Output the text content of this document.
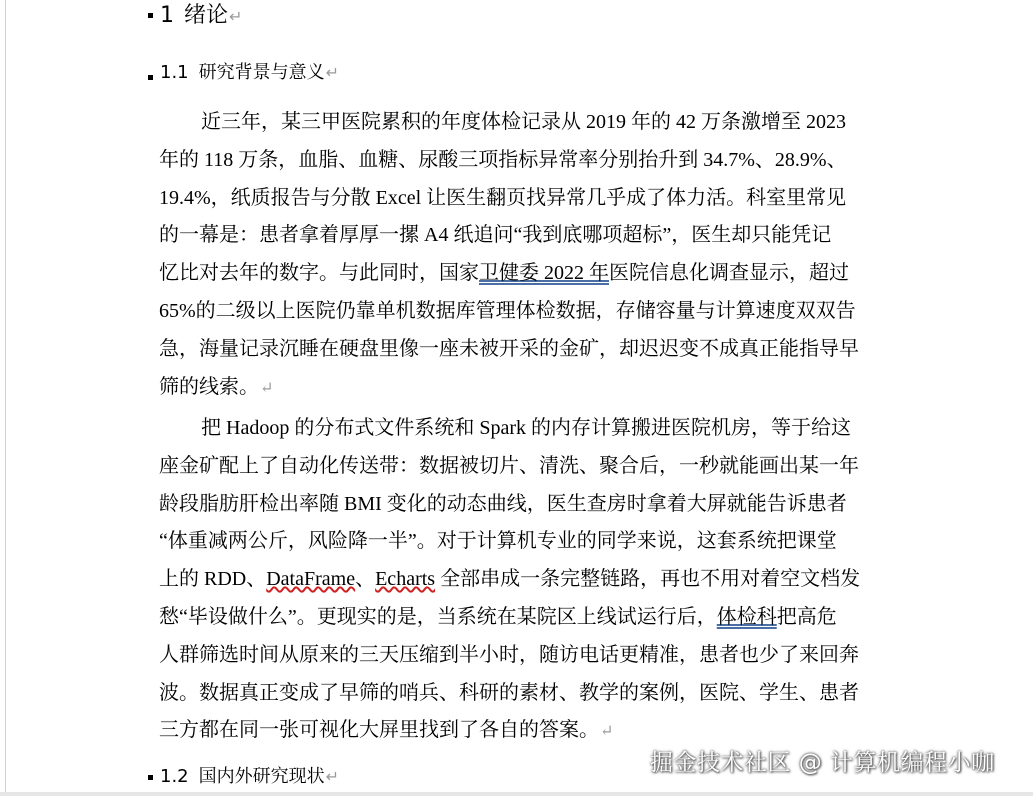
1 绪论↵
1.1 研究背景与意义↵
近三年，某三甲医院累积的年度体检记录从 2019 年的 42 万条激增至 2023
年的 118 万条，血脂、血糖、尿酸三项指标异常率分别抬升到 34.7%、28.9%、
19.4%，纸质报告与分散 Excel 让医生翻页找异常几乎成了体力活。科室里常见
的一幕是：患者拿着厚厚一摞 A4 纸追问“我到底哪项超标”，医生却只能凭记
忆比对去年的数字。与此同时，国家卫健委 2022 年医院信息化调查显示，超过
65%的二级以上医院仍靠单机数据库管理体检数据，存储容量与计算速度双双告
急，海量记录沉睡在硬盘里像一座未被开采的金矿，却迟迟变不成真正能指导早
筛的线索。↵
把 Hadoop 的分布式文件系统和 Spark 的内存计算搬进医院机房，等于给这
座金矿配上了自动化传送带：数据被切片、清洗、聚合后，一秒就能画出某一年
龄段脂肪肝检出率随 BMI 变化的动态曲线，医生查房时拿着大屏就能告诉患者
“体重减两公斤，风险降一半”。对于计算机专业的同学来说，这套系统把课堂
上的 RDD、DataFrame、Echarts 全部串成一条完整链路，再也不用对着空文档发
愁“毕设做什么”。更现实的是，当系统在某院区上线试运行后，体检科把高危
人群筛选时间从原来的三天压缩到半小时，随访电话更精准，患者也少了来回奔
波。数据真正变成了早筛的哨兵、科研的素材、教学的案例，医院、学生、患者
三方都在同一张可视化大屏里找到了各自的答案。↵
1.2 国内外研究现状↵
掘金技术社区 @ 计算机编程小咖
